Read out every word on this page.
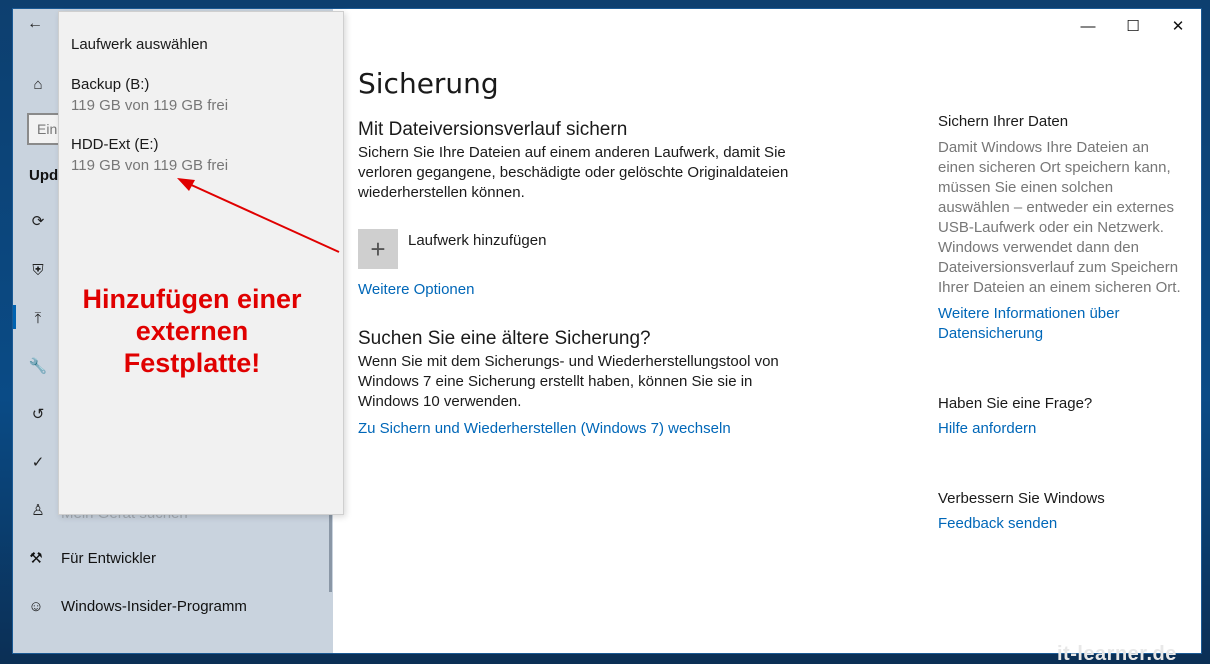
←
⌂
Ein
Upd
⟳
⛨
⤒
🔧
↺
✓
♙
⚒ Für Entwickler
☺ Windows-Insider-Programm
—	☐	✕
Sicherung
Mit Dateiversionsverlauf sichern
Sichern Sie Ihre Dateien auf einem anderen Laufwerk, damit Sie verloren gegangene, beschädigte oder gelöschte Originaldateien wiederherstellen können.
+ Laufwerk hinzufügen
Weitere Optionen
Suchen Sie eine ältere Sicherung?
Wenn Sie mit dem Sicherungs- und Wiederherstellungstool von Windows 7 eine Sicherung erstellt haben, können Sie sie in Windows 10 verwenden.
Zu Sichern und Wiederherstellen (Windows 7) wechseln
Sichern Ihrer Daten
Damit Windows Ihre Dateien an einen sicheren Ort speichern kann, müssen Sie einen solchen auswählen – entweder ein externes USB-Laufwerk oder ein Netzwerk. Windows verwendet dann den Dateiversionsverlauf zum Speichern Ihrer Dateien an einem sicheren Ort.
Weitere Informationen über Datensicherung
Haben Sie eine Frage?
Hilfe anfordern
Verbessern Sie Windows
Feedback senden
Laufwerk auswählen
Backup (B:)
119 GB von 119 GB frei
HDD-Ext (E:)
119 GB von 119 GB frei
Hinzufügen einer
externen
Festplatte!
it-learner.de
